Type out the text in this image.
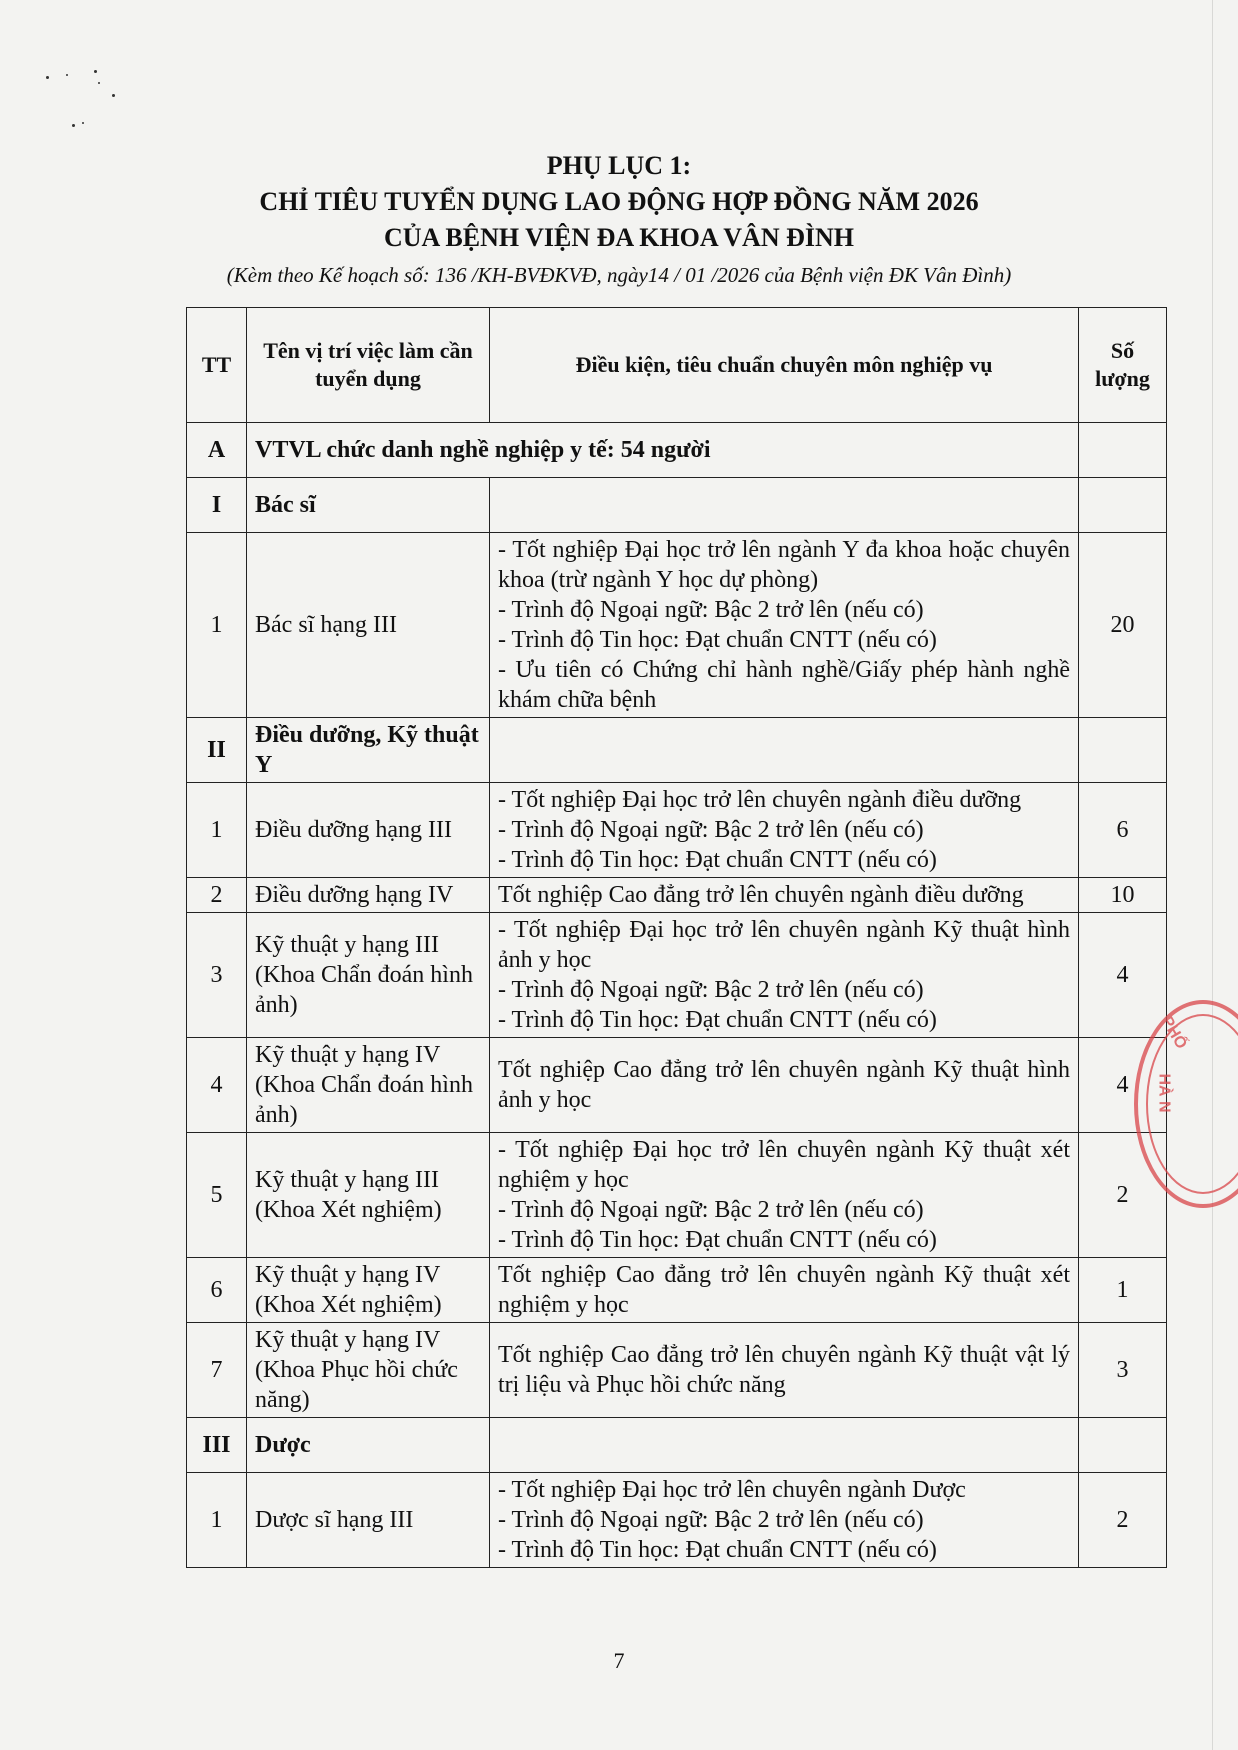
PHỤ LỤC 1:

CHỈ TIÊU TUYỂN DỤNG LAO ĐỘNG HỢP ĐỒNG NĂM 2026

CỦA BỆNH VIỆN ĐA KHOA VÂN ĐÌNH

(Kèm theo Kế hoạch số: 136 /KH-BVĐKVĐ, ngày14 / 01 /2026 của Bệnh viện ĐK Vân Đình)
TT	Tên vị trí việc làm cần tuyển dụng	Điều kiện, tiêu chuẩn chuyên môn nghiệp vụ	Số lượng
A	VTVL chức danh nghề nghiệp y tế: 54 người		
I	Bác sĩ		
1	Bác sĩ hạng III	- Tốt nghiệp Đại học trở lên ngành Y đa khoa hoặc chuyên khoa (trừ ngành Y học dự phòng)
- Trình độ Ngoại ngữ: Bậc 2 trở lên (nếu có)
- Trình độ Tin học: Đạt chuẩn CNTT (nếu có)
- Ưu tiên có Chứng chỉ hành nghề/Giấy phép hành nghề khám chữa bệnh	20
II	Điều dưỡng, Kỹ thuật Y		
1	Điều dưỡng hạng III	- Tốt nghiệp Đại học trở lên chuyên ngành điều dưỡng
- Trình độ Ngoại ngữ: Bậc 2 trở lên (nếu có)
- Trình độ Tin học: Đạt chuẩn CNTT (nếu có)	6
2	Điều dưỡng hạng IV	Tốt nghiệp Cao đẳng trở lên chuyên ngành điều dưỡng	10
3	Kỹ thuật y hạng III (Khoa Chẩn đoán hình ảnh)	- Tốt nghiệp Đại học trở lên chuyên ngành Kỹ thuật hình ảnh y học
- Trình độ Ngoại ngữ: Bậc 2 trở lên (nếu có)
- Trình độ Tin học: Đạt chuẩn CNTT (nếu có)	4
4	Kỹ thuật y hạng IV (Khoa Chẩn đoán hình ảnh)	Tốt nghiệp Cao đẳng trở lên chuyên ngành Kỹ thuật hình ảnh y học	4
5	Kỹ thuật y hạng III (Khoa Xét nghiệm)	- Tốt nghiệp Đại học trở lên chuyên ngành Kỹ thuật xét nghiệm y học
- Trình độ Ngoại ngữ: Bậc 2 trở lên (nếu có)
- Trình độ Tin học: Đạt chuẩn CNTT (nếu có)	2
6	Kỹ thuật y hạng IV (Khoa Xét nghiệm)	Tốt nghiệp Cao đẳng trở lên chuyên ngành Kỹ thuật xét nghiệm y học	1
7	Kỹ thuật y hạng IV (Khoa Phục hồi chức năng)	Tốt nghiệp Cao đẳng trở lên chuyên ngành Kỹ thuật vật lý trị liệu và Phục hồi chức năng	3
III	Dược		
1	Dược sĩ hạng III	- Tốt nghiệp Đại học trở lên chuyên ngành Dược
- Trình độ Ngoại ngữ: Bậc 2 trở lên (nếu có)
- Trình độ Tin học: Đạt chuẩn CNTT (nếu có)	2
7
PHỐ
HÀ N
